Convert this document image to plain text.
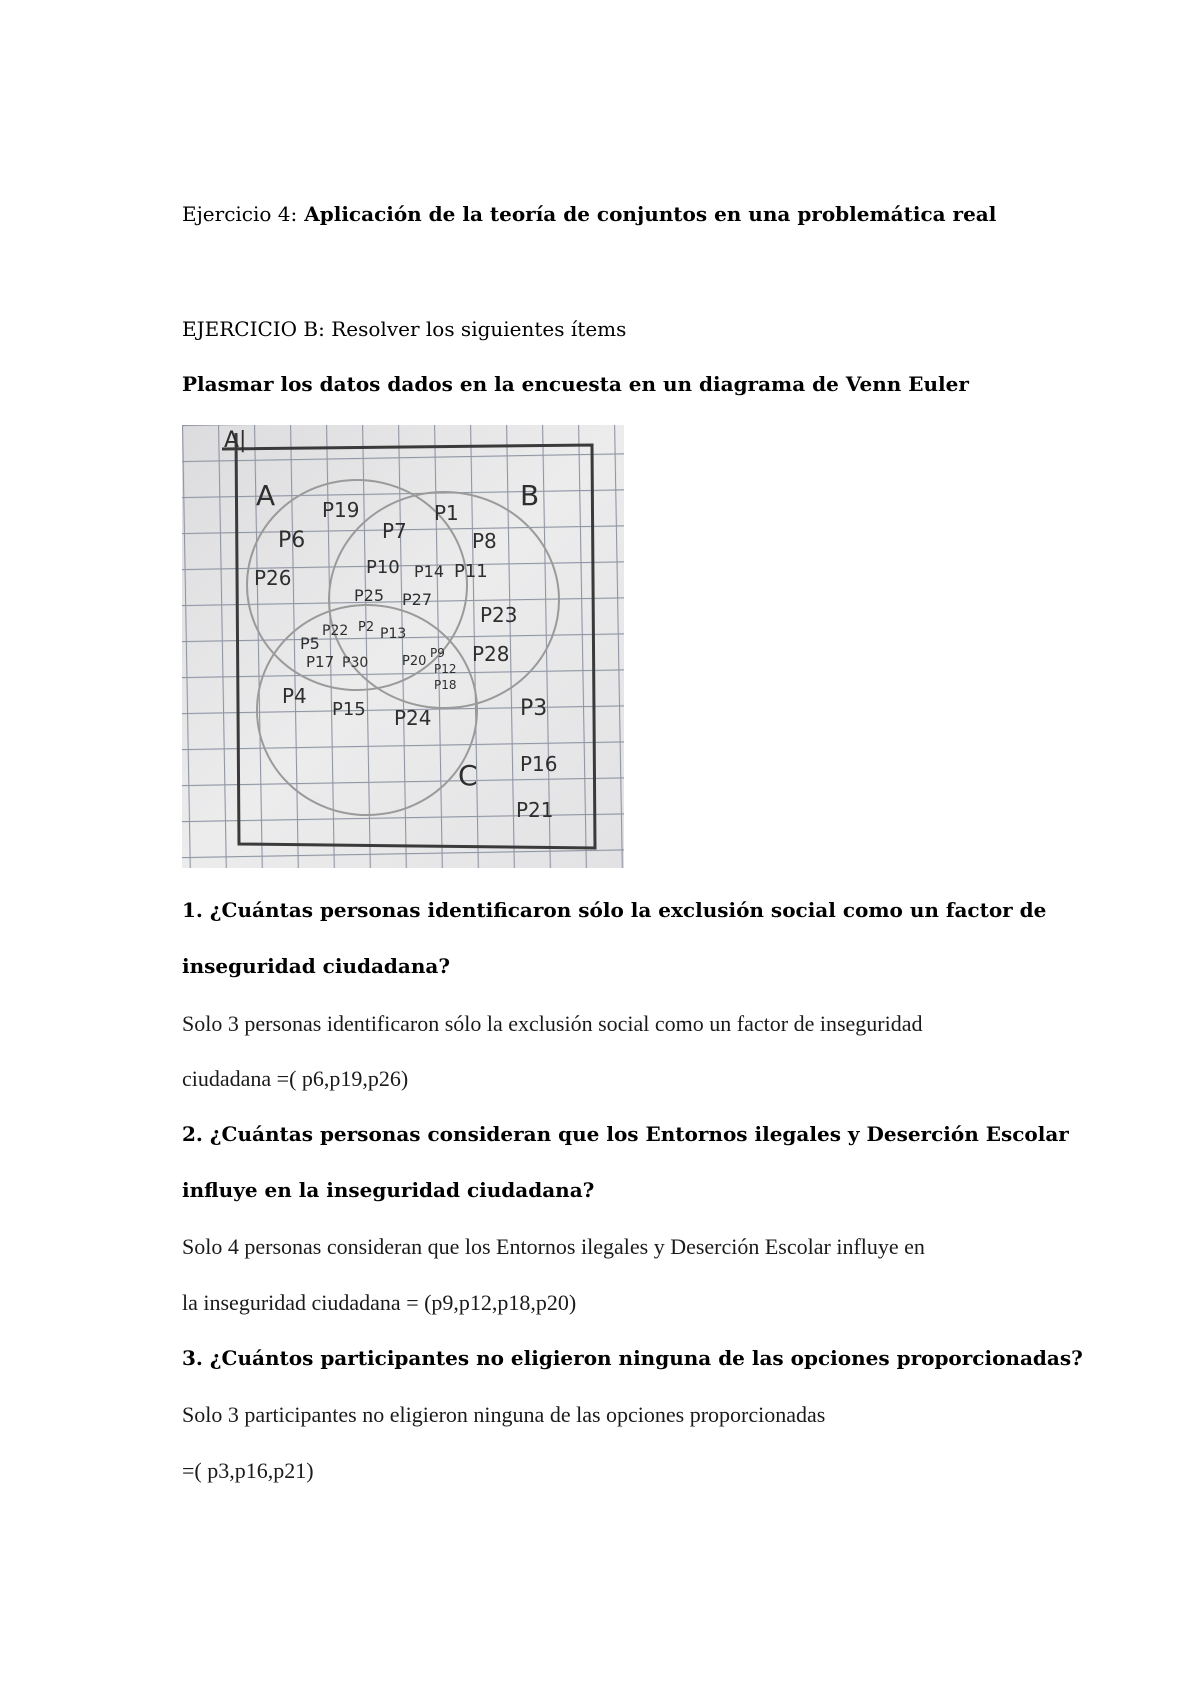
Ejercicio 4: Aplicación de la teoría de conjuntos en una problemática real
EJERCICIO B: Resolver los siguientes ítems
Plasmar los datos dados en la encuesta en un diagrama de Venn Euler
A|
A	B
C
P19
P6
P26
P7
P1
P8
P10 P14 P11
P25 P27
P23
P22 P2 P13
P5
P17 P30	P20
P9
P12
P18
P28
P4
P15 P24	P3
P16
P21
1. ¿Cuántas personas identificaron sólo la exclusión social como un factor de
inseguridad ciudadana?
Solo 3 personas identificaron sólo la exclusión social como un factor de inseguridad
ciudadana =( p6,p19,p26)
2. ¿Cuántas personas consideran que los Entornos ilegales y Deserción Escolar
influye en la inseguridad ciudadana?
Solo 4 personas consideran que los Entornos ilegales y Deserción Escolar influye en
la inseguridad ciudadana = (p9,p12,p18,p20)
3. ¿Cuántos participantes no eligieron ninguna de las opciones proporcionadas?
Solo 3 participantes no eligieron ninguna de las opciones proporcionadas
=( p3,p16,p21)
